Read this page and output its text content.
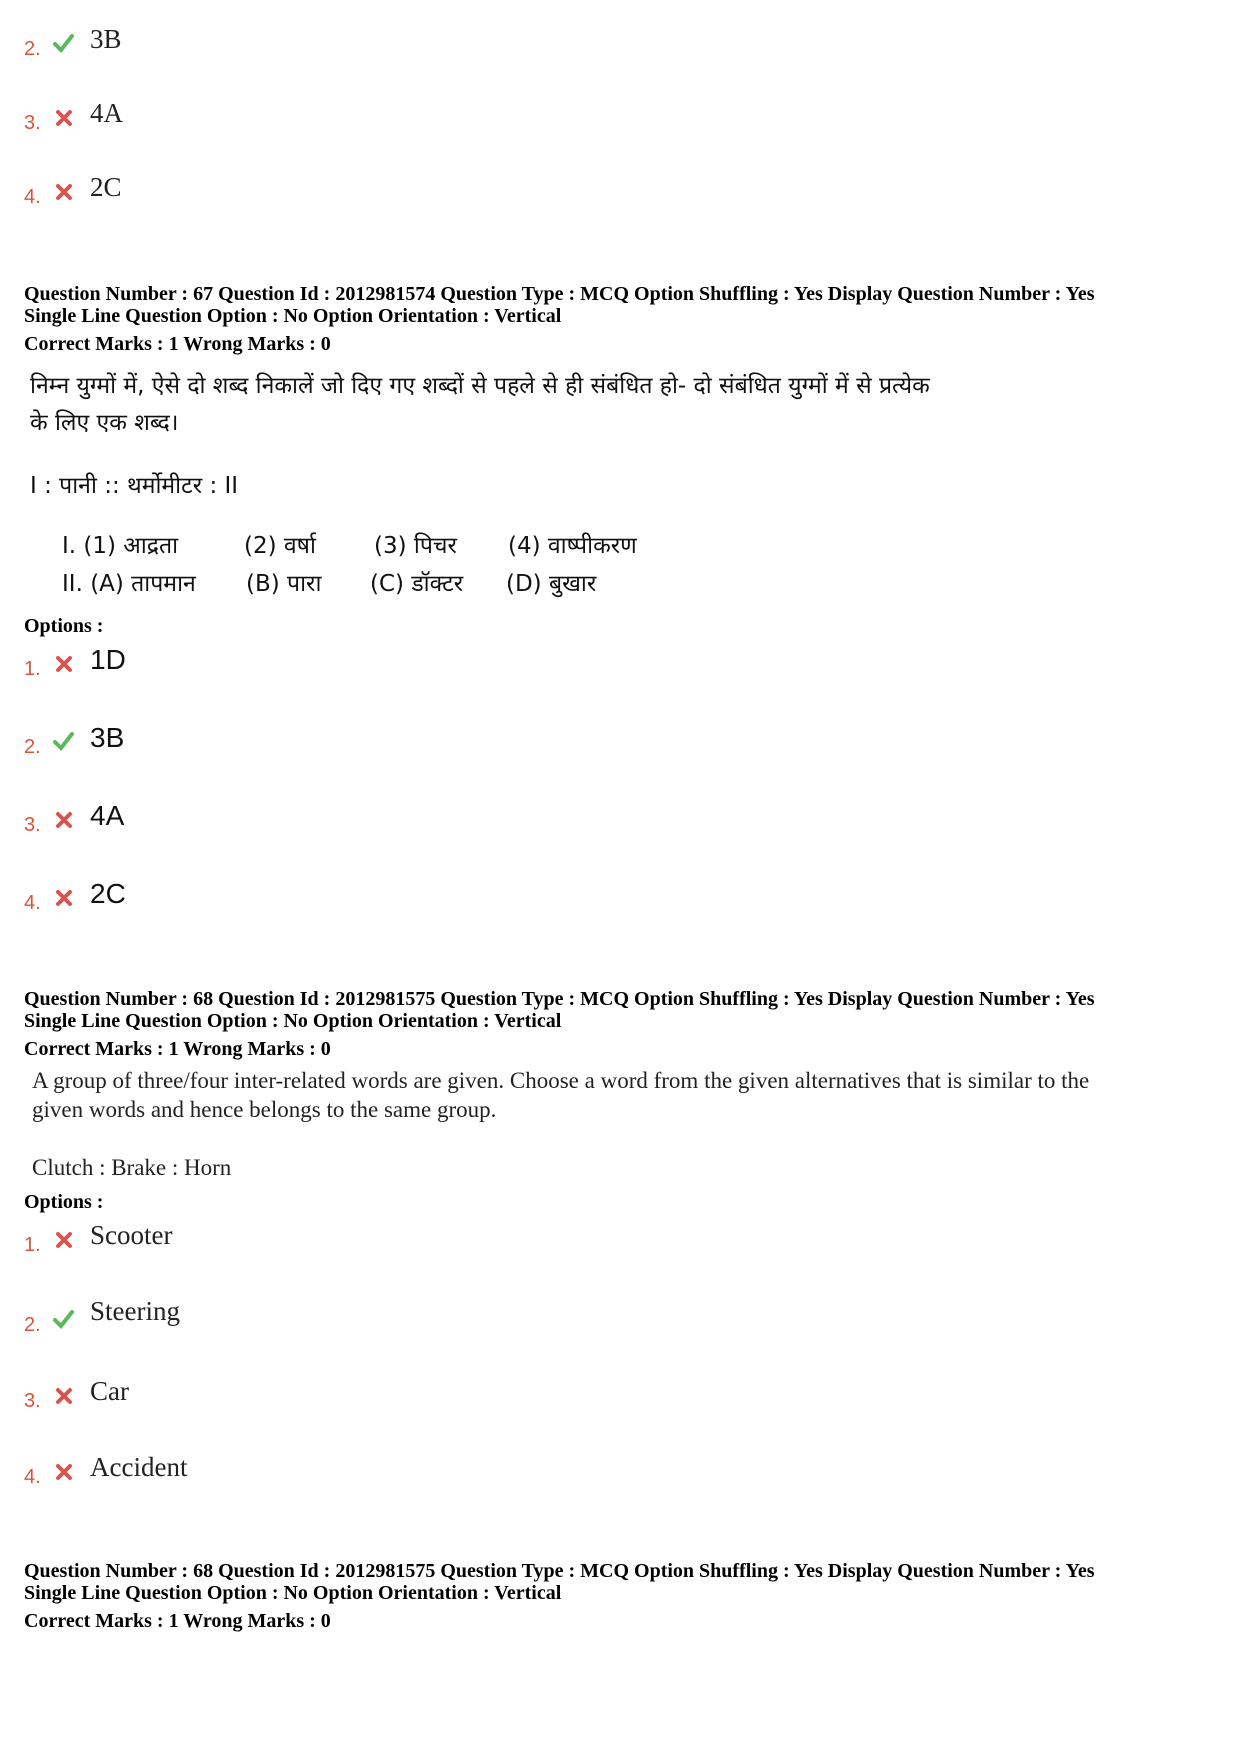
2. 3B
3. 4A
4. 2C
Question Number : 67 Question Id : 2012981574 Question Type : MCQ Option Shuffling : Yes Display Question Number : Yes
Single Line Question Option : No Option Orientation : Vertical
Correct Marks : 1 Wrong Marks : 0
निम्न युग्मों में, ऐसे दो शब्द निकालें जो दिए गए शब्दों से पहले से ही संबंधित हो- दो संबंधित युग्मों में से प्रत्येक
के लिए एक शब्द।
I : पानी :: थर्मोमीटर : II
I. (1) आद्रता	(2) वर्षा	(3) पिचर (4) वाष्पीकरण
II. (A) तापमान (B) पारा (C) डॉक्टर (D) बुखार
Options :
1. 1D
2. 3B
3. 4A
4. 2C
Question Number : 68 Question Id : 2012981575 Question Type : MCQ Option Shuffling : Yes Display Question Number : Yes
Single Line Question Option : No Option Orientation : Vertical
Correct Marks : 1 Wrong Marks : 0
A group of three/four inter-related words are given. Choose a word from the given alternatives that is similar to the
given words and hence belongs to the same group.
Clutch : Brake : Horn
Options :
1. Scooter
2. Steering
3. Car
4. Accident
Question Number : 68 Question Id : 2012981575 Question Type : MCQ Option Shuffling : Yes Display Question Number : Yes
Single Line Question Option : No Option Orientation : Vertical
Correct Marks : 1 Wrong Marks : 0
